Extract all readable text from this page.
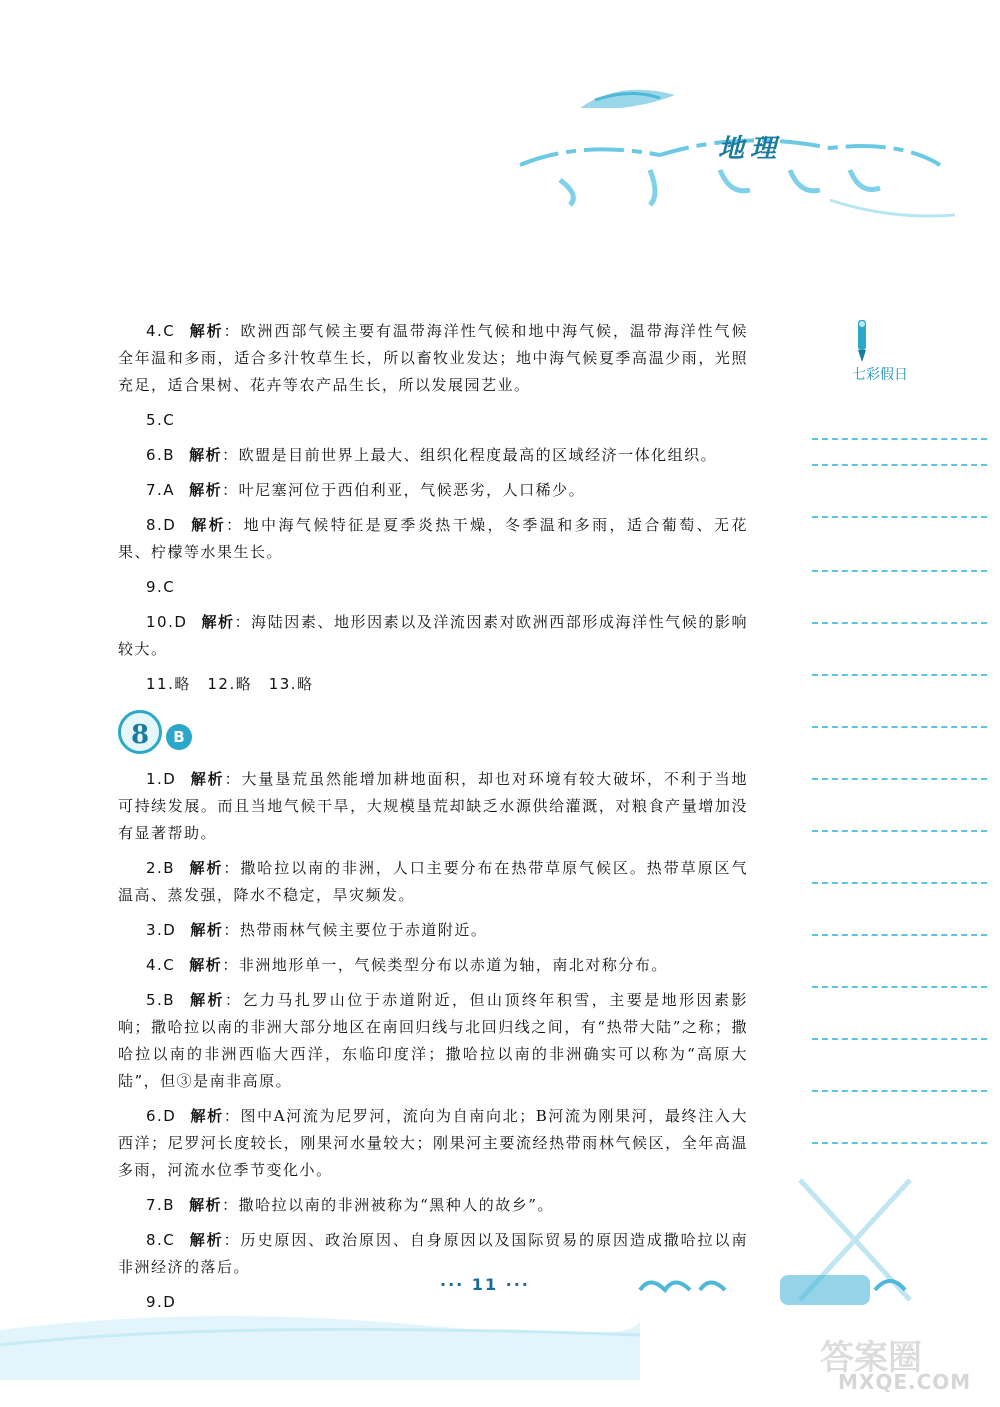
地理

4.C 解析：欧洲西部气候主要有温带海洋性气候和地中海气候，温带海洋性气候全年温和多雨，适合多汁牧草生长，所以畜牧业发达；地中海气候夏季高温少雨，光照充足，适合果树、花卉等农产品生长，所以发展园艺业。

5.C

6.B 解析：欧盟是目前世界上最大、组织化程度最高的区域经济一体化组织。

7.A 解析：叶尼塞河位于西伯利亚，气候恶劣，人口稀少。

8.D 解析：地中海气候特征是夏季炎热干燥，冬季温和多雨，适合葡萄、无花果、柠檬等水果生长。

9.C

10.D 解析：海陆因素、地形因素以及洋流因素对欧洲西部形成海洋性气候的影响较大。

11.略　12.略　13.略

8	B

1.D 解析：大量垦荒虽然能增加耕地面积，却也对环境有较大破坏，不利于当地可持续发展。而且当地气候干旱，大规模垦荒却缺乏水源供给灌溉，对粮食产量增加没有显著帮助。

2.B 解析：撒哈拉以南的非洲，人口主要分布在热带草原气候区。热带草原区气温高、蒸发强，降水不稳定，旱灾频发。

3.D 解析：热带雨林气候主要位于赤道附近。

4.C 解析：非洲地形单一，气候类型分布以赤道为轴，南北对称分布。

5.B 解析：乞力马扎罗山位于赤道附近，但山顶终年积雪，主要是地形因素影响；撒哈拉以南的非洲大部分地区在南回归线与北回归线之间，有“热带大陆”之称；撒哈拉以南的非洲西临大西洋，东临印度洋；撒哈拉以南的非洲确实可以称为“高原大陆”，但③是南非高原。

6.D 解析：图中A河流为尼罗河，流向为自南向北；B河流为刚果河，最终注入大西洋；尼罗河长度较长，刚果河水量较大；刚果河主要流经热带雨林气候区，全年高温多雨，河流水位季节变化小。

7.B 解析：撒哈拉以南的非洲被称为“黑种人的故乡”。

8.C 解析：历史原因、政治原因、自身原因以及国际贸易的原因造成撒哈拉以南非洲经济的落后。

9.D

七彩假日
··· 11 ···
答案圈
MXQE.COM
